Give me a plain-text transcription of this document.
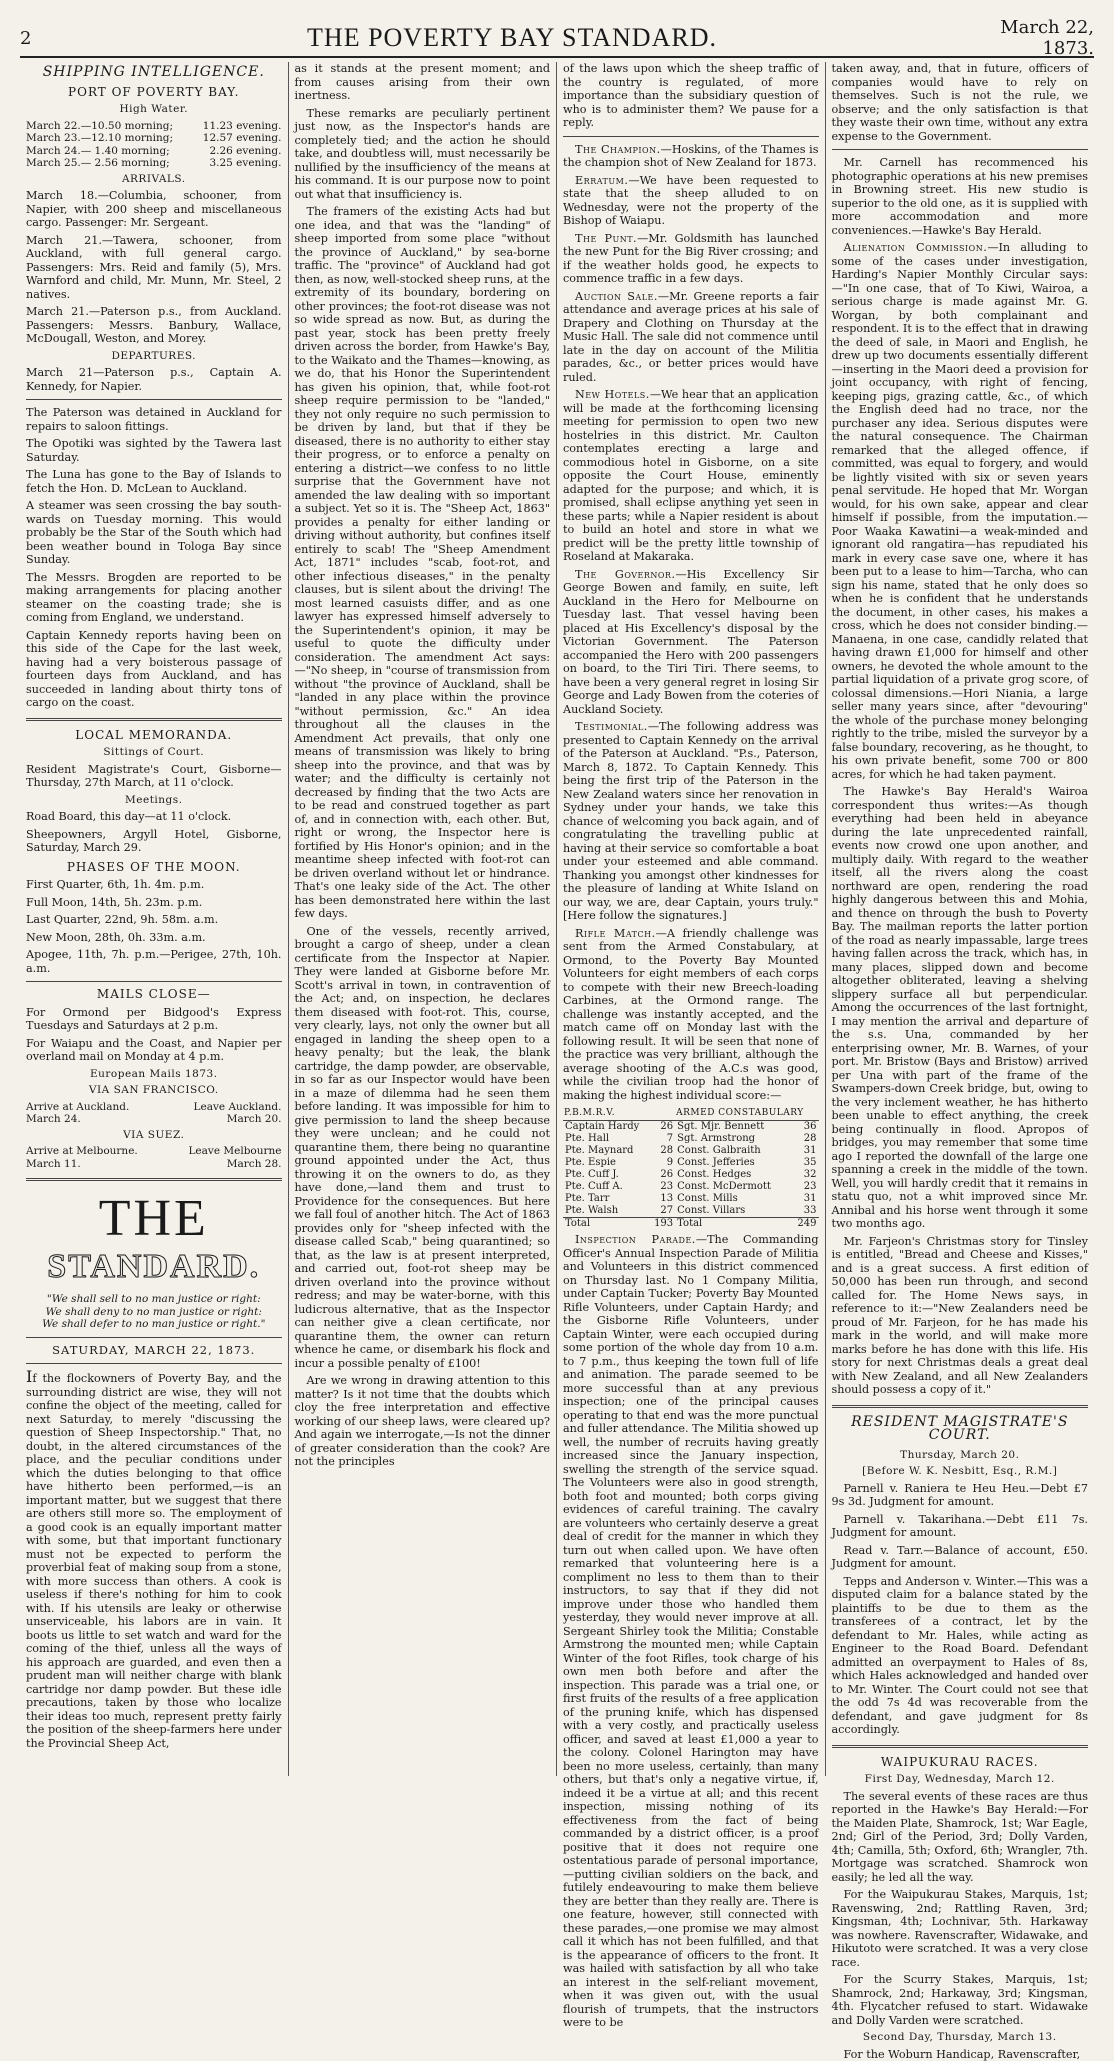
2	THE POVERTY BAY STANDARD.	March 22, 1873.
SHIPPING INTELLIGENCE.
PORT OF POVERTY BAY.
High Water.
March 22.—10.50 morning;	11.23 evening.
March 23.—12.10 morning;	12.57 evening.
March 24.— 1.40 morning;	2.26 evening.
March 25.— 2.56 morning;	3.25 evening.
ARRIVALS.

March 18.—Columbia, schooner, from Napier, with 200 sheep and miscellaneous cargo. Passenger: Mr. Sergeant.

March 21.—Tawera, schooner, from Auckland, with full general cargo. Passengers: Mrs. Reid and family (5), Mrs. Warnford and child, Mr. Munn, Mr. Steel, 2 natives.

March 21.—Paterson p.s., from Auckland. Passengers: Messrs. Banbury, Wallace, McDougall, Weston, and Morey.

DEPARTURES.

March 21—Paterson p.s., Captain A. Kennedy, for Napier.

The Paterson was detained in Auckland for repairs to saloon fittings.

The Opotiki was sighted by the Tawera last Saturday.

The Luna has gone to the Bay of Islands to fetch the Hon. D. McLean to Auckland.

A steamer was seen crossing the bay south-wards on Tuesday morning. This would probably be the Star of the South which had been weather bound in Tologa Bay since Sunday.

The Messrs. Brogden are reported to be making arrangements for placing another steamer on the coasting trade; she is coming from England, we understand.

Captain Kennedy reports having been on this side of the Cape for the last week, having had a very boisterous passage of fourteen days from Auckland, and has succeeded in landing about thirty tons of cargo on the coast.

LOCAL MEMORANDA.
Sittings of Court.

Resident Magistrate's Court, Gisborne—Thursday, 27th March, at 11 o'clock.

Meetings.

Road Board, this day—at 11 o'clock.

Sheepowners, Argyll Hotel, Gisborne, Saturday, March 29.

PHASES OF THE MOON.

First Quarter, 6th, 1h. 4m. p.m.

Full Moon, 14th, 5h. 23m. p.m.

Last Quarter, 22nd, 9h. 58m. a.m.

New Moon, 28th, 0h. 33m. a.m.

Apogee, 11th, 7h. p.m.—Perigee, 27th, 10h. a.m.

MAILS CLOSE—

For Ormond per Bidgood's Express Tuesdays and Saturdays at 2 p.m.

For Waiapu and the Coast, and Napier per overland mail on Monday at 4 p.m.

European Mails 1873.
VIA SAN FRANCISCO.
Arrive at Auckland.	Leave Auckland.
March 24.	March 20.
VIA SUEZ.
Arrive at Melbourne.	Leave Melbourne
March 11.	March 28.
THE
STANDARD.
"We shall sell to no man justice or right:
We shall deny to no man justice or right:
We shall defer to no man justice or right."
SATURDAY, MARCH 22, 1873.

If the flockowners of Poverty Bay, and the surrounding district are wise, they will not confine the object of the meeting, called for next Saturday, to merely "discussing the question of Sheep Inspectorship." That, no doubt, in the altered circumstances of the place, and the peculiar conditions under which the duties belonging to that office have hitherto been performed,—is an important matter, but we suggest that there are others still more so. The employment of a good cook is an equally important matter with some, but that important functionary must not be expected to perform the proverbial feat of making soup from a stone, with more success than others. A cook is useless if there's nothing for him to cook with. If his utensils are leaky or otherwise unserviceable, his labors are in vain. It boots us little to set watch and ward for the coming of the thief, unless all the ways of his approach are guarded, and even then a prudent man will neither charge with blank cartridge nor damp powder. But these idle precautions, taken by those who localize their ideas too much, represent pretty fairly the position of the sheep-farmers here under the Provincial Sheep Act,

as it stands at the present moment; and from causes arising from their own inertness.

These remarks are peculiarly pertinent just now, as the Inspector's hands are completely tied; and the action he should take, and doubtless will, must necessarily be nullified by the insufficiency of the means at his command. It is our purpose now to point out what that insufficiency is.

The framers of the existing Acts had but one idea, and that was the "landing" of sheep imported from some place "without the province of Auckland," by sea-borne traffic. The "province" of Auckland had got then, as now, well-stocked sheep runs, at the extremity of its boundary, bordering on other provinces; the foot-rot disease was not so wide spread as now. But, as during the past year, stock has been pretty freely driven across the border, from Hawke's Bay, to the Waikato and the Thames—knowing, as we do, that his Honor the Superintendent has given his opinion, that, while foot-rot sheep require permission to be "landed," they not only require no such permission to be driven by land, but that if they be diseased, there is no authority to either stay their progress, or to enforce a penalty on entering a district—we confess to no little surprise that the Government have not amended the law dealing with so important a subject. Yet so it is. The "Sheep Act, 1863" provides a penalty for either landing or driving without authority, but confines itself entirely to scab! The "Sheep Amendment Act, 1871" includes "scab, foot-rot, and other infectious diseases," in the penalty clauses, but is silent about the driving! The most learned casuists differ, and as one lawyer has expressed himself adversely to the Superintendent's opinion, it may be useful to quote the difficulty under consideration. The amendment Act says:—"No sheep, in "course of transmission from without "the province of Auckland, shall be "landed in any place within the province "without permission, &c." An idea throughout all the clauses in the Amendment Act prevails, that only one means of transmission was likely to bring sheep into the province, and that was by water; and the difficulty is certainly not decreased by finding that the two Acts are to be read and construed together as part of, and in connection with, each other. But, right or wrong, the Inspector here is fortified by His Honor's opinion; and in the meantime sheep infected with foot-rot can be driven overland without let or hindrance. That's one leaky side of the Act. The other has been demonstrated here within the last few days.

One of the vessels, recently arrived, brought a cargo of sheep, under a clean certificate from the Inspector at Napier. They were landed at Gisborne before Mr. Scott's arrival in town, in contravention of the Act; and, on inspection, he declares them diseased with foot-rot. This, course, very clearly, lays, not only the owner but all engaged in landing the sheep open to a heavy penalty; but the leak, the blank cartridge, the damp powder, are observable, in so far as our Inspector would have been in a maze of dilemma had he seen them before landing. It was impossible for him to give permission to land the sheep because they were unclean; and he could not quarantine them, there being no quarantine ground appointed under the Act, thus throwing it on the owners to do, as they have done,—land them and trust to Providence for the consequences. But here we fall foul of another hitch. The Act of 1863 provides only for "sheep infected with the disease called Scab," being quarantined; so that, as the law is at present interpreted, and carried out, foot-rot sheep may be driven overland into the province without redress; and may be water-borne, with this ludicrous alternative, that as the Inspector can neither give a clean certificate, nor quarantine them, the owner can return whence he came, or disembark his flock and incur a possible penalty of £100!

Are we wrong in drawing attention to this matter? Is it not time that the doubts which cloy the free interpretation and effective working of our sheep laws, were cleared up? And again we interrogate,—Is not the dinner of greater consideration than the cook? Are not the principles

of the laws upon which the sheep traffic of the country is regulated, of more importance than the subsidiary question of who is to administer them? We pause for a reply.

The Champion.—Hoskins, of the Thames is the champion shot of New Zealand for 1873.

Erratum.—We have been requested to state that the sheep alluded to on Wednesday, were not the property of the Bishop of Waiapu.

The Punt.—Mr. Goldsmith has launched the new Punt for the Big River crossing; and if the weather holds good, he expects to commence traffic in a few days.

Auction Sale.—Mr. Greene reports a fair attendance and average prices at his sale of Drapery and Clothing on Thursday at the Music Hall. The sale did not commence until late in the day on account of the Militia parades, &c., or better prices would have ruled.

New Hotels.—We hear that an application will be made at the forthcoming licensing meeting for permission to open two new hostelries in this district. Mr. Caulton contemplates erecting a large and commodious hotel in Gisborne, on a site opposite the Court House, eminently adapted for the purpose; and which, it is promised, shall eclipse anything yet seen in these parts; while a Napier resident is about to build an hotel and store in what we predict will be the pretty little township of Roseland at Makaraka.

The Governor.—His Excellency Sir George Bowen and family, en suite, left Auckland in the Hero for Melbourne on Tuesday last. That vessel having been placed at His Excellency's disposal by the Victorian Government. The Paterson accompanied the Hero with 200 passengers on board, to the Tiri Tiri. There seems, to have been a very general regret in losing Sir George and Lady Bowen from the coteries of Auckland Society.

Testimonial.—The following address was presented to Captain Kennedy on the arrival of the Paterson at Auckland. "P.s., Paterson, March 8, 1872. To Captain Kennedy. This being the first trip of the Paterson in the New Zealand waters since her renovation in Sydney under your hands, we take this chance of welcoming you back again, and of congratulating the travelling public at having at their service so comfortable a boat under your esteemed and able command. Thanking you amongst other kindnesses for the pleasure of landing at White Island on our way, we are, dear Captain, yours truly." [Here follow the signatures.]

Rifle Match.—A friendly challenge was sent from the Armed Constabulary, at Ormond, to the Poverty Bay Mounted Volunteers for eight members of each corps to compete with their new Breech-loading Carbines, at the Ormond range. The challenge was instantly accepted, and the match came off on Monday last with the following result. It will be seen that none of the practice was very brilliant, although the average shooting of the A.C.s was good, while the civilian troop had the honor of making the highest individual score:—

P.B.M.R.V.		ARMED CONSTABULARY	
Captain Hardy	26	Sgt. Mjr. Bennett	36
Pte. Hall	7	Sgt. Armstrong	28
Pte. Maynard	28	Const. Galbraith	31
Pte. Espie	9	Const. Jefferies	35
Pte. Cuff J.	26	Const. Hedges	32
Pte. Cuff A.	23	Const. McDermott	23
Pte. Tarr	13	Const. Mills	31
Pte. Walsh	27	Const. Villars	33
Total	193	Total	249

Inspection Parade.—The Commanding Officer's Annual Inspection Parade of Militia and Volunteers in this district commenced on Thursday last. No 1 Company Militia, under Captain Tucker; Poverty Bay Mounted Rifle Volunteers, under Captain Hardy; and the Gisborne Rifle Volunteers, under Captain Winter, were each occupied during some portion of the whole day from 10 a.m. to 7 p.m., thus keeping the town full of life and animation. The parade seemed to be more successful than at any previous inspection; one of the principal causes operating to that end was the more punctual and fuller attendance. The Militia showed up well, the number of recruits having greatly increased since the January inspection, swelling the strength of the service squad. The Volunteers were also in good strength, both foot and mounted; both corps giving evidences of careful training. The cavalry are volunteers who certainly deserve a great deal of credit for the manner in which they turn out when called upon. We have often remarked that volunteering here is a compliment no less to them than to their instructors, to say that if they did not improve under those who handled them yesterday, they would never improve at all. Sergeant Shirley took the Militia; Constable Armstrong the mounted men; while Captain Winter of the foot Rifles, took charge of his own men both before and after the inspection. This parade was a trial one, or first fruits of the results of a free application of the pruning knife, which has dispensed with a very costly, and practically useless officer, and saved at least £1,000 a year to the colony. Colonel Harington may have been no more useless, certainly, than many others, but that's only a negative virtue, if, indeed it be a virtue at all; and this recent inspection, missing nothing of its effectiveness from the fact of being commanded by a district officer, is a proof positive that it does not require one ostentatious parade of personal importance,—putting civilian soldiers on the back, and futilely endeavouring to make them believe they are better than they really are. There is one feature, however, still connected with these parades,—one promise we may almost call it which has not been fulfilled, and that is the appearance of officers to the front. It was hailed with satisfaction by all who take an interest in the self-reliant movement, when it was given out, with the usual flourish of trumpets, that the instructors were to be

taken away, and, that in future, officers of companies would have to rely on themselves. Such is not the rule, we observe; and the only satisfaction is that they waste their own time, without any extra expense to the Government.

Mr. Carnell has recommenced his photographic operations at his new premises in Browning street. His new studio is superior to the old one, as it is supplied with more accommodation and more conveniences.—Hawke's Bay Herald.

Alienation Commission.—In alluding to some of the cases under investigation, Harding's Napier Monthly Circular says:—"In one case, that of To Kiwi, Wairoa, a serious charge is made against Mr. G. Worgan, by both complainant and respondent. It is to the effect that in drawing the deed of sale, in Maori and English, he drew up two documents essentially different—inserting in the Maori deed a provision for joint occupancy, with right of fencing, keeping pigs, grazing cattle, &c., of which the English deed had no trace, nor the purchaser any idea. Serious disputes were the natural consequence. The Chairman remarked that the alleged offence, if committed, was equal to forgery, and would be lightly visited with six or seven years penal servitude. He hoped that Mr. Worgan would, for his own sake, appear and clear himself if possible, from the imputation.—Poor Waaka Kawatini—a weak-minded and ignorant old rangatira—has repudiated his mark in every case save one, where it has been put to a lease to him—Tarcha, who can sign his name, stated that he only does so when he is confident that he understands the document, in other cases, his makes a cross, which he does not consider binding.—Manaena, in one case, candidly related that having drawn £1,000 for himself and other owners, he devoted the whole amount to the partial liquidation of a private grog score, of colossal dimensions.—Hori Niania, a large seller many years since, after "devouring" the whole of the purchase money belonging rightly to the tribe, misled the surveyor by a false boundary, recovering, as he thought, to his own private benefit, some 700 or 800 acres, for which he had taken payment.

The Hawke's Bay Herald's Wairoa correspondent thus writes:—As though everything had been held in abeyance during the late unprecedented rainfall, events now crowd one upon another, and multiply daily. With regard to the weather itself, all the rivers along the coast northward are open, rendering the road highly dangerous between this and Mohia, and thence on through the bush to Poverty Bay. The mailman reports the latter portion of the road as nearly impassable, large trees having fallen across the track, which has, in many places, slipped down and become altogether obliterated, leaving a shelving slippery surface all but perpendicular. Among the occurrences of the last fortnight, I may mention the arrival and departure of the s.s. Una, commanded by her enterprising owner, Mr. B. Warnes, of your port. Mr. Bristow (Bays and Bristow) arrived per Una with part of the frame of the Swampers-down Creek bridge, but, owing to the very inclement weather, he has hitherto been unable to effect anything, the creek being continually in flood. Apropos of bridges, you may remember that some time ago I reported the downfall of the large one spanning a creek in the middle of the town. Well, you will hardly credit that it remains in statu quo, not a whit improved since Mr. Annibal and his horse went through it some two months ago.

Mr. Farjeon's Christmas story for Tinsley is entitled, "Bread and Cheese and Kisses," and is a great success. A first edition of 50,000 has been run through, and second called for. The Home News says, in reference to it:—"New Zealanders need be proud of Mr. Farjeon, for he has made his mark in the world, and will make more marks before he has done with this life. His story for next Christmas deals a great deal with New Zealand, and all New Zealanders should possess a copy of it."

RESIDENT MAGISTRATE'S COURT.
Thursday, March 20.
[Before W. K. Nesbitt, Esq., R.M.]

Parnell v. Raniera te Heu Heu.—Debt £7 9s 3d. Judgment for amount.

Parnell v. Takarihana.—Debt £11 7s. Judgment for amount.

Read v. Tarr.—Balance of account, £50. Judgment for amount.

Tepps and Anderson v. Winter.—This was a disputed claim for a balance stated by the plaintiffs to be due to them as the transferees of a contract, let by the defendant to Mr. Hales, while acting as Engineer to the Road Board. Defendant admitted an overpayment to Hales of 8s, which Hales acknowledged and handed over to Mr. Winter. The Court could not see that the odd 7s 4d was recoverable from the defendant, and gave judgment for 8s accordingly.

WAIPUKURAU RACES.
First Day, Wednesday, March 12.

The several events of these races are thus reported in the Hawke's Bay Herald:—For the Maiden Plate, Shamrock, 1st; War Eagle, 2nd; Girl of the Period, 3rd; Dolly Varden, 4th; Camilla, 5th; Oxford, 6th; Wrangler, 7th. Mortgage was scratched. Shamrock won easily; he led all the way.

For the Waipukurau Stakes, Marquis, 1st; Ravenswing, 2nd; Rattling Raven, 3rd; Kingsman, 4th; Lochnivar, 5th. Harkaway was nowhere. Ravenscrafter, Widawake, and Hikutoto were scratched. It was a very close race.

For the Scurry Stakes, Marquis, 1st; Shamrock, 2nd; Harkaway, 3rd; Kingsman, 4th. Flycatcher refused to start. Widawake and Dolly Varden were scratched.

Second Day, Thursday, March 13.

For the Woburn Handicap, Ravenscrafter,
